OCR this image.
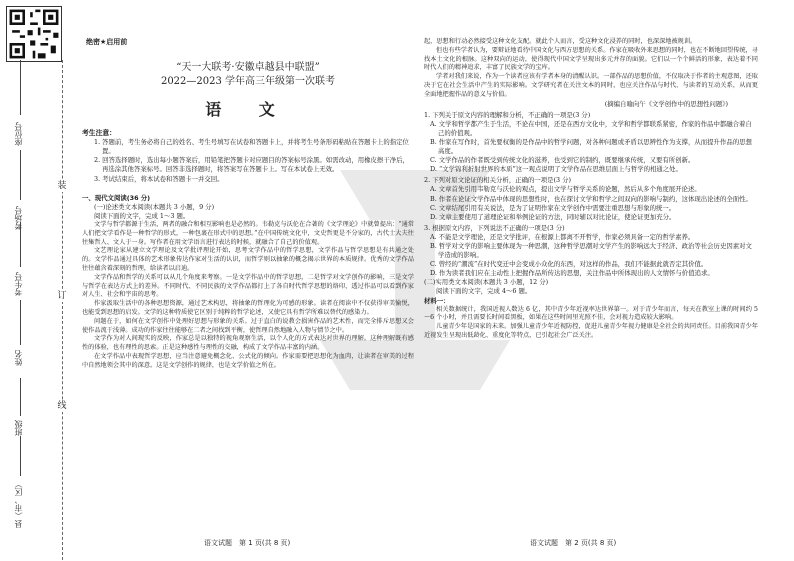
装
订
线
座位号
考场号
考生号
姓名
班级
县（市、区）
绝密★启用前
“天一大联考·安徽卓越县中联盟”
2022—2023 学年高三年级第一次联考
语 文
考生注意：
1. 答题前，考生务必将自己的姓名、考生号填写在试卷和答题卡上，并将考生号条形码粘贴在答题卡上的指定位置。
2. 回答选择题时，选出每小题答案后，用铅笔把答题卡对应题目的答案标号涂黑。如需改动，用橡皮擦干净后，再选涂其他答案标号。回答非选择题时，将答案写在答题卡上。写在本试卷上无效。
3. 考试结束后，将本试卷和答题卡一并交回。
一、现代文阅读(36 分)
(一)论述类文本阅读(本题共 3 小题，9 分)
阅读下面的文字，完成 1～3 题。

文学与哲学都源于生活，两者的融合和相互影响也是必然的。韦勒克与沃伦在合著的《文学理论》中就曾提出：“通常人们把文学看作是一种哲学的形式，一种包裹在形式中的思想。”在中国传统文化中，文史哲更是不分家的，古代士大夫往往集哲人、文人于一身。写作者在用文学语言进行表达的时候，就融合了自己的价值观。

文艺理论家从建立文学理论及文学批评理论开始，思考文学作品中的哲学思想，文学作品与哲学思想是有共通之处的。文学作品通过具体的艺术形象传达作家对生活的认识，而哲学则以抽象的概念揭示世界的本质规律。优秀的文学作品往往蕴含着深刻的哲理，给读者以启迪。

文学作品和哲学的关系可以从几个角度来考察。一是文学作品中的哲学思想，二是哲学对文学创作的影响，三是文学与哲学在表达方式上的差异。不同时代、不同民族的文学作品都打上了各自时代哲学思想的烙印，透过作品可以看到作家对人生、社会和宇宙的思考。

作家汲取生活中的各种思想资源，通过艺术构思，将抽象的哲理化为可感的形象。读者在阅读中不仅获得审美愉悦，也能受到思想的启发。文学的这种特质使它区别于纯粹的哲学论述，又使它具有哲学所难以替代的感染力。

问题在于，如何在文学创作中处理好思想与形象的关系。过于直白的说教会损害作品的艺术性，而完全排斥思想又会使作品流于浅薄。成功的作家往往能够在二者之间找到平衡，使哲理自然地融入人物与情节之中。

文学作为对人间现实的反映，作家总是以独特的视角观察生活，以个人化的方式表达对世界的理解。这种理解既有感性的体验，也有理性的思索。正是这种感性与理性的交融，构成了文学作品丰富的内涵。

在文学作品中表现哲学思想，应当注意避免概念化、公式化的倾向。作家需要把思想化为血肉，让读者在审美的过程中自然地领会其中的深意。这是文学创作的规律，也是文学价值之所在。

起，思想和行动必然接受这种文化支配。就此个人而言，受这种文化浸养的同时，也深深地被规训。

但也有些学者认为，要辩证地看待中国文化与西方思想的关系。作家在吸收外来思想的同时，也在不断地回望传统，寻找本土文化的根脉。这种双向的运动，使得现代中国文学呈现出多元并存的面貌。它们以一个个鲜活的形象，表达着不同时代人们的精神追求，丰富了民族文学的宝库。

学者对我们来说，作为一个读者应该有学者本身的清醒认识。一部作品的思想价值，不仅取决于作者的主观意图，还取决于它在社会生活中产生的实际影响。文学研究者在关注文本的同时，也应关注作品与时代、与读者的互动关系，从而更全面地把握作品的意义与价值。

(摘编自喻向午《文学创作中的思想性问题》)
1. 下列关于原文内容的理解和分析，不正确的一项是(3 分)
A. 文学和哲学都产生于生活，不论在中国，还是在西方文化中，文学和哲学都联系紧密，作家的作品中都融合着自己的价值观。
B. 作家在写作时，首先要权衡的是作品中的哲学问题，对各种问题或矛盾以思辨性作为支撑，从而提升作品的思想高度。
C. 文学作品的作者既受到传统文化的滋养，也受到它的制约，既要继承传统，又要有所创新。
D. “文学锦利折射世界的本质”这一观点说明了文学作品在思维层面上与哲学的相通之处。
2. 下列对原文论证的相关分析，正确的一项是(3 分)
A. 文章首先引用韦勒克与沃伦的观点，提出文学与哲学关系的论题，然后从多个角度展开论述。
B. 作者在论证文学作品中体现的思想性时，也在探讨文学和哲学之间双向的影响与制约，这体现出论述的全面性。
C. 文章结尾引用有关说法，是为了证明作家在文学创作中需要注重思想与形象的统一。
D. 文章主要使用了道理论证和举例论证的方法，同时辅以对比论证，使论证更加充分。
3. 根据原文内容，下列说法不正确的一项是(3 分)
A. 不能是文学理论，还是文学批评，在根源上都离不开哲学，作家必须具备一定的哲学素养。
B. 哲学对文学的影响主要体现为一种思潮，这种哲学思潮对文学产生的影响远大于经济、政治等社会历史因素对文学造成的影响。
C. 曾经的“潮流”在时代变迁中会变成小众化的东西，对这样的作品，我们不能据此就否定其价值。
D. 作为读者我们应在主动性上把握作品所传达的思想，关注作品中所体现出的人文情怀与价值追求。
(二)实用类文本阅读(本题共 3 小题，12 分)
阅读下面的文字，完成 4～6 题。
材料一：

相关数据统计，我国近视人数达 6 亿，其中青少年近视率达世界第一。对于青少年而言，每天在教室上课的时间约 5～6 个小时，并且需要长时间看黑板，如果在这些时间里光照不佳，会对视力造成较大影响。

儿童青少年是国家的未来。加强儿童青少年近视防控，促进儿童青少年视力健康是全社会的共同责任。目前我国青少年近视发生呈现出低龄化、重度化等特点，已引起社会广泛关注。

语文试题　第 1 页(共 8 页)	语文试题　第 2 页(共 8 页)
